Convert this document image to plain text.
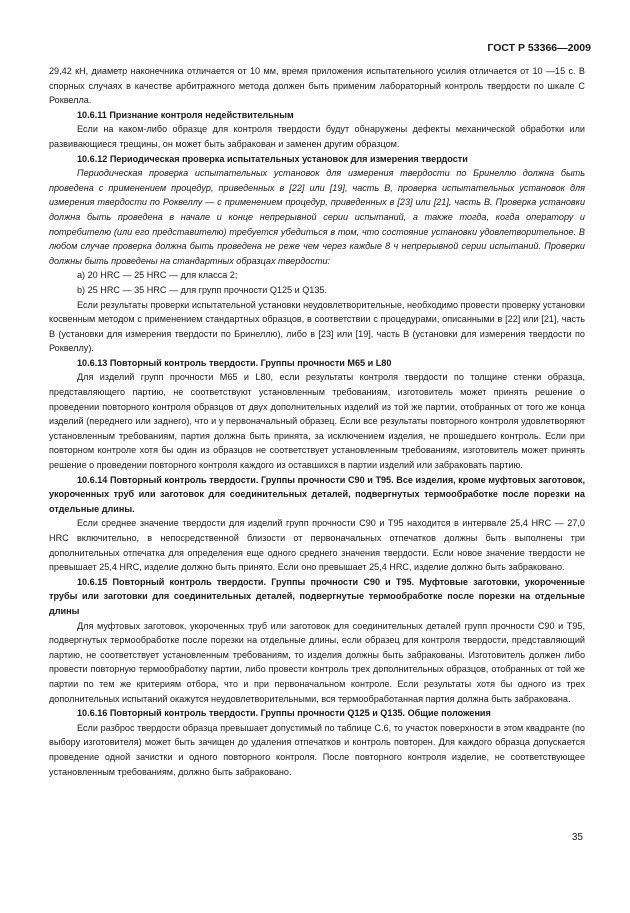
ГОСТ Р 53366—2009

29,42 кН, диаметр наконечника отличается от 10 мм, время приложения испытательного усилия отличается от 10 —15 с. В спорных случаях в качестве арбитражного метода должен быть применим лабораторный контроль твердости по шкале С Роквелла.

10.6.11 Признание контроля недействительным

Если на каком-либо образце для контроля твердости будут обнаружены дефекты механической обработки или развивающиеся трещины, он может быть забракован и заменен другим образцом.

10.6.12 Периодическая проверка испытательных установок для измерения твердости

Периодическая проверка испытательных установок для измерения твердости по Бринеллю должна быть проведена с применением процедур, приведенных в [22] или [19], часть B, проверка испытательных установок для измерения твердости по Роквеллу — с применением процедур, приведенных в [23] или [21], часть B. Проверка установки должна быть проведена в начале и конце непрерывной серии испытаний, а также тогда, когда оператору и потребителю (или его представителю) требуется убедиться в том, что состояние установки удовлетворительное. В любом случае проверка должна быть проведена не реже чем через каждые 8 ч непрерывной серии испытаний. Проверки должны быть проведены на стандартных образцах твердости:

a) 20 HRC — 25 HRC — для класса 2;

b) 25 HRC — 35 HRC — для групп прочности Q125 и Q135.

Если результаты проверки испытательной установки неудовлетворительные, необходимо провести проверку установки косвенным методом с применением стандартных образцов, в соответствии с процедурами, описанными в [22] или [21], часть В (установки для измерения твердости по Бринеллю), либо в [23] или [19], часть B (установки для измерения твердости по Роквеллу).

10.6.13 Повторный контроль твердости. Группы прочности M65 и L80

Для изделий групп прочности M65 и L80, если результаты контроля твердости по толщине стенки образца, представляющего партию, не соответствуют установленным требованиям, изготовитель может принять решение о проведении повторного контроля образцов от двух дополнительных изделий из той же партии, отобранных от того же конца изделий (переднего или заднего), что и у первоначальный образец. Если все результаты повторного контроля удовлетворяют установленным требованиям, партия должна быть принята, за исключением изделия, не прошедшего контроль. Если при повторном контроле хотя бы один из образцов не соответствует установленным требованиям, изготовитель может принять решение о проведении повторного контроля каждого из оставшихся в партии изделий или забраковать партию.

10.6.14 Повторный контроль твердости. Группы прочности C90 и T95. Все изделия, кроме муфтовых заготовок, укороченных труб или заготовок для соединительных деталей, подвергнутых термообработке после порезки на отдельные длины.

Если среднее значение твердости для изделий групп прочности C90 и T95 находится в интервале 25,4 HRC — 27,0 HRC включительно, в непосредственной близости от первоначальных отпечатков должны быть выполнены три дополнительных отпечатка для определения еще одного среднего значения твердости. Если новое значение твердости не превышает 25,4 HRC, изделие должно быть принято. Если оно превышает 25,4 HRC, изделие должно быть забраковано.

10.6.15 Повторный контроль твердости. Группы прочности C90 и T95. Муфтовые заготовки, укороченные трубы или заготовки для соединительных деталей, подвергнутые термообработке после порезки на отдельные длины

Для муфтовых заготовок, укороченных труб или заготовок для соединительных деталей групп прочности C90 и T95, подвергнутых термообработке после порезки на отдельные длины, если образец для контроля твердости, представляющий партию, не соответствует установленным требованиям, то изделия должны быть забракованы. Изготовитель должен либо провести повторную термообработку партии, либо провести контроль трех дополнительных образцов, отобранных от той же партии по тем же критериям отбора, что и при первоначальном контроле. Если результаты хотя бы одного из трех дополнительных испытаний окажутся неудовлетворительными, вся термообработанная партия должна быть забракована.

10.6.16 Повторный контроль твердости. Группы прочности Q125 и Q135. Общие положения

Если разброс твердости образца превышает допустимый по таблице С.6, то участок поверхности в этом квадранте (по выбору изготовителя) может быть зачищен до удаления отпечатков и контроль повторен. Для каждого образца допускается проведение одной зачистки и одного повторного контроля. После повторного контроля изделие, не соответствующее установленным требованиям, должно быть забраковано.

35
